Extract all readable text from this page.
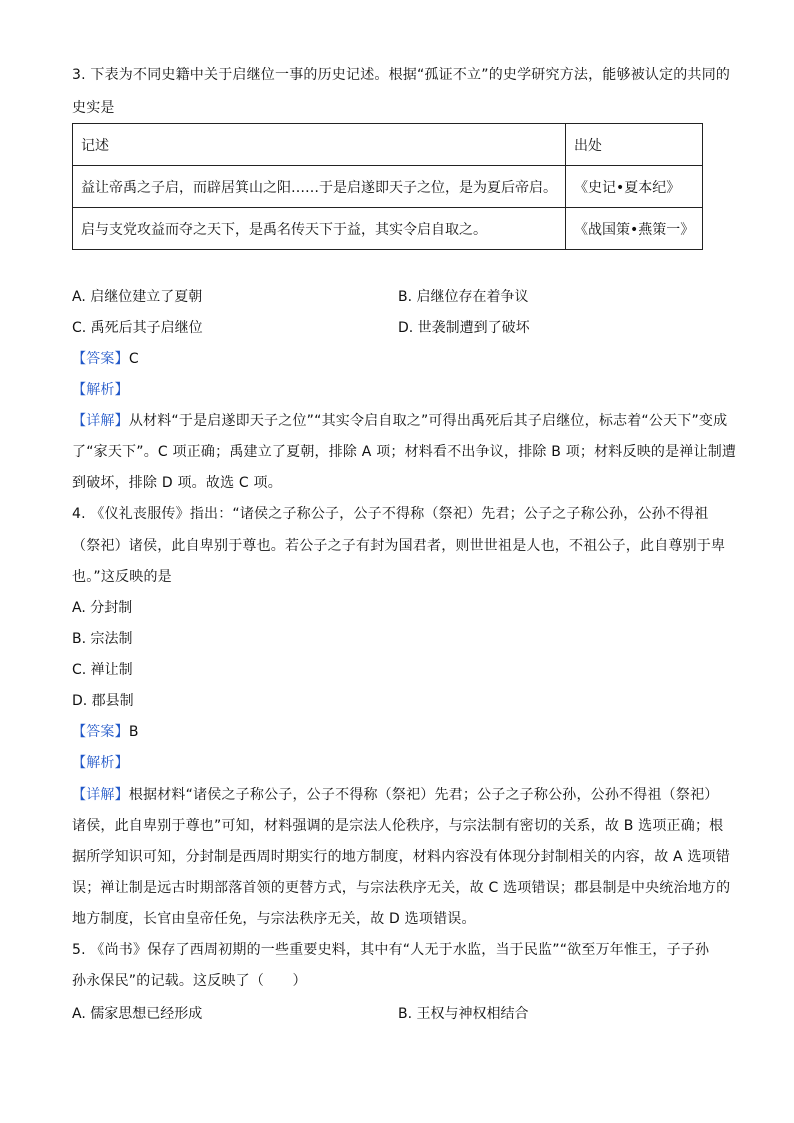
3. 下表为不同史籍中关于启继位一事的历史记述。根据“孤证不立”的史学研究方法，能够被认定的共同的
史实是
记述	出处
益让帝禹之子启，而辟居箕山之阳……于是启遂即天子之位，是为夏后帝启。	《史记•夏本纪》
启与支党攻益而夺之天下，是禹名传天下于益，其实令启自取之。	《战国策•燕策一》
A. 启继位建立了夏朝	B. 启继位存在着争议
C. 禹死后其子启继位	D. 世袭制遭到了破坏
【答案】C
【解析】
【详解】从材料“于是启遂即天子之位”“其实令启自取之”可得出禹死后其子启继位，标志着“公天下”变成
了“家天下”。C 项正确；禹建立了夏朝，排除 A 项；材料看不出争议，排除 B 项；材料反映的是禅让制遭
到破坏，排除 D 项。故选 C 项。
4. 《仪礼丧服传》指出：“诸侯之子称公子，公子不得称（祭祀）先君；公子之子称公孙，公孙不得祖
（祭祀）诸侯，此自卑别于尊也。若公子之子有封为国君者，则世世祖是人也，不祖公子，此自尊别于卑
也。”这反映的是
A. 分封制
B. 宗法制
C. 禅让制
D. 郡县制
【答案】B
【解析】
【详解】根据材料“诸侯之子称公子，公子不得称（祭祀）先君；公子之子称公孙，公孙不得祖（祭祀）
诸侯，此自卑别于尊也”可知，材料强调的是宗法人伦秩序，与宗法制有密切的关系，故 B 选项正确；根
据所学知识可知，分封制是西周时期实行的地方制度，材料内容没有体现分封制相关的内容，故 A 选项错
误；禅让制是远古时期部落首领的更替方式，与宗法秩序无关，故 C 选项错误；郡县制是中央统治地方的
地方制度，长官由皇帝任免，与宗法秩序无关，故 D 选项错误。
5. 《尚书》保存了西周初期的一些重要史料，其中有“人无于水监，当于民监”“欲至万年惟王，子子孙
孙永保民”的记载。这反映了（　　）
A. 儒家思想已经形成	B. 王权与神权相结合
